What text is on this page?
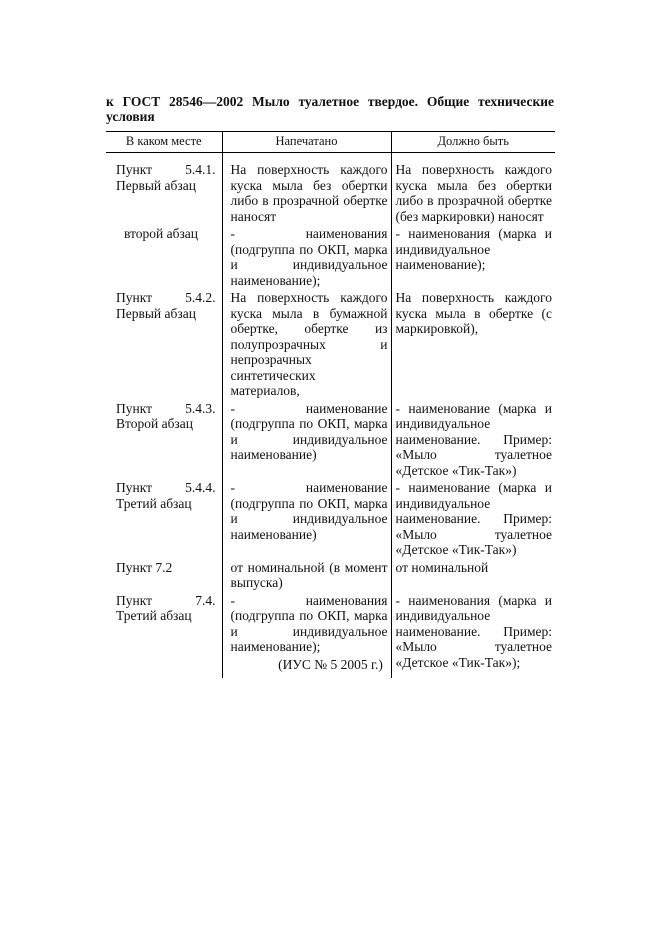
к ГОСТ 28546—2002 Мыло туалетное твердое. Общие технические условия
В каком месте	Напечатано	Должно быть
Пункт 5.4.1. Первый абзац	На поверхность каждого куска мыла без обертки либо в прозрачной обертке наносят	На поверхность каждого куска мыла без обертки либо в прозрачной обертке (без маркировки) наносят
второй абзац	- наименования (подгруппа по ОКП, марка и индивидуальное наименование);	- наименования (марка и индивидуальное наименование);
Пункт 5.4.2. Первый абзац	На поверхность каждого куска мыла в бумажной обертке, обертке из полупрозрачных и непрозрачных синтетических материалов,	На поверхность каждого куска мыла в обертке (с маркировкой),
Пункт 5.4.3. Второй абзац	- наименование (подгруппа по ОКП, марка и индивидуальное наименование)	- наименование (марка и индивидуальное наименование. Пример: «Мыло туалетное «Детское «Тик-Так»)
Пункт 5.4.4. Третий абзац	- наименование (подгруппа по ОКП, марка и индивидуальное наименование)	- наименование (марка и индивидуальное наименование. Пример: «Мыло туалетное «Детское «Тик-Так»)
Пункт 7.2	от номинальной (в момент выпуска)	от номинальной
Пункт 7.4. Третий абзац	- наименования (подгруппа по ОКП, марка и индивидуальное наименование);	- наименования (марка и индивидуальное наименование. Пример: «Мыло туалетное «Детское «Тик-Так»);
(ИУС № 5 2005 г.)
